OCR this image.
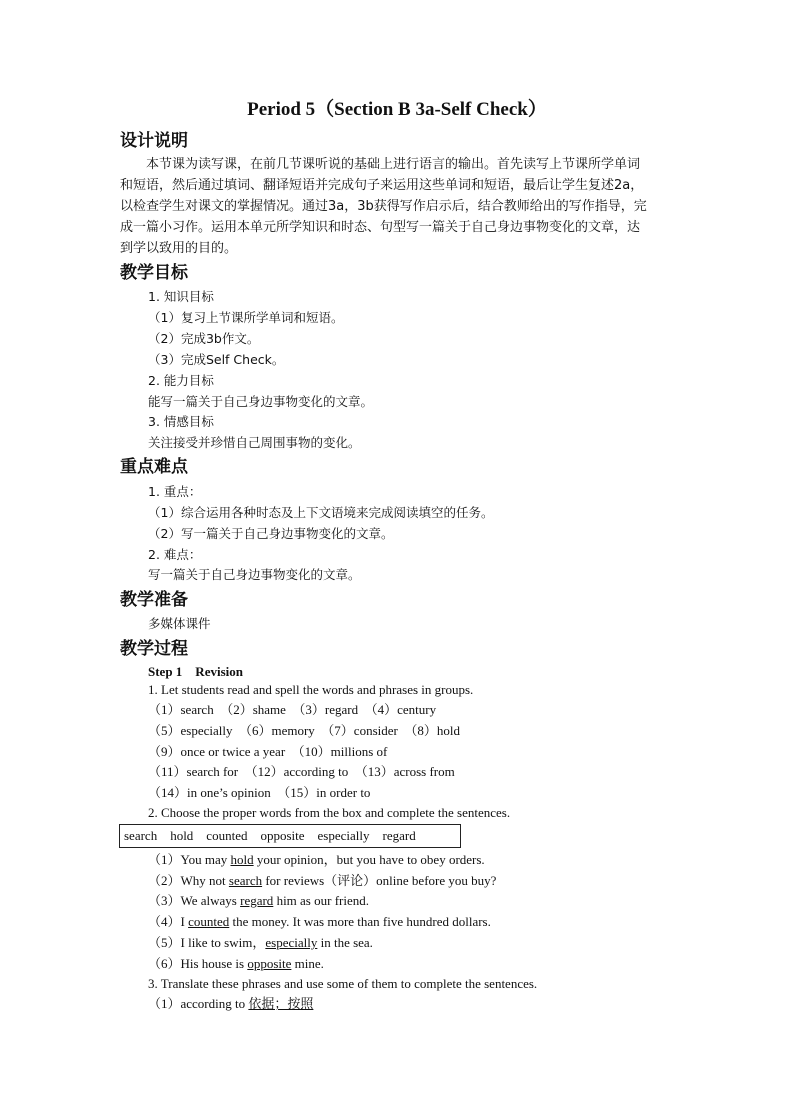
Period 5（Section B 3a-Self Check）
设计说明
本节课为读写课，在前几节课听说的基础上进行语言的输出。首先读写上节课所学单词
和短语，然后通过填词、翻译短语并完成句子来运用这些单词和短语，最后让学生复述2a，
以检查学生对课文的掌握情况。通过3a，3b获得写作启示后，结合教师给出的写作指导，完
成一篇小习作。运用本单元所学知识和时态、句型写一篇关于自己身边事物变化的文章，达
到学以致用的目的。
教学目标
1. 知识目标
（1）复习上节课所学单词和短语。
（2）完成3b作文。
（3）完成Self Check。
2. 能力目标
能写一篇关于自己身边事物变化的文章。
3. 情感目标
关注接受并珍惜自己周围事物的变化。
重点难点
1. 重点：
（1）综合运用各种时态及上下文语境来完成阅读填空的任务。
（2）写一篇关于自己身边事物变化的文章。
2. 难点：
写一篇关于自己身边事物变化的文章。
教学准备
多媒体课件
教学过程
Step 1　Revision
1. Let students read and spell the words and phrases in groups.
（1）search　（2）shame　（3）regard　（4）century
（5）especially　（6）memory　（7）consider　（8）hold
（9）once or twice a year　（10）millions of
（11）search for　（12）according to　（13）across from
（14）in one’s opinion　（15）in order to
2. Choose the proper words from the box and complete the sentences.
search　hold　counted　opposite　especially　regard
（1）You may hold your opinion，but you have to obey orders.
（2）Why not search for reviews（评论）online before you buy?
（3）We always regard him as our friend.
（4）I counted the money. It was more than five hundred dollars.
（5）I like to swim，especially in the sea.
（6）His house is opposite mine.
3. Translate these phrases and use some of them to complete the sentences.
（1）according to 依据；按照
